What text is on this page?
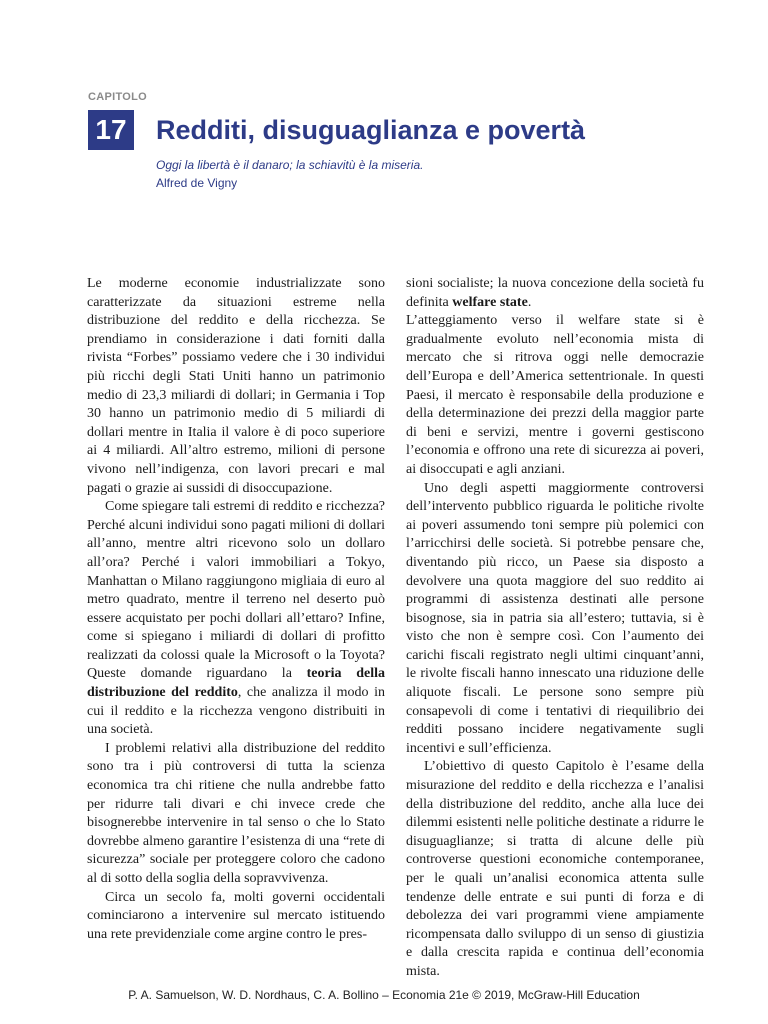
CAPITOLO
17 Redditi, disuguaglianza e povertà
Oggi la libertà è il danaro; la schiavitù è la miseria.
Alfred de Vigny

Le moderne economie industrializzate sono caratterizzate da situazioni estreme nella distribuzione del reddito e della ricchezza. Se prendiamo in considerazione i dati forniti dalla rivista “Forbes” possiamo vedere che i 30 individui più ricchi degli Stati Uniti hanno un patrimonio medio di 23,3 miliardi di dollari; in Germania i Top 30 hanno un patrimonio medio di 5 miliardi di dollari mentre in Italia il valore è di poco superiore ai 4 miliardi. All’altro estremo, milioni di persone vivono nell’indigenza, con lavori precari e mal pagati o grazie ai sussidi di disoccupazione.

Come spiegare tali estremi di reddito e ricchezza? Perché alcuni individui sono pagati milioni di dollari all’anno, mentre altri ricevono solo un dollaro all’ora? Perché i valori immobiliari a Tokyo, Manhattan o Milano raggiungono migliaia di euro al metro quadrato, mentre il terreno nel deserto può essere acquistato per pochi dollari all’ettaro? Infine, come si spiegano i miliardi di dollari di profitto realizzati da colossi quale la Microsoft o la Toyota? Queste domande riguardano la teoria della distribuzione del reddito, che analizza il modo in cui il reddito e la ricchezza vengono distribuiti in una società.

I problemi relativi alla distribuzione del reddito sono tra i più controversi di tutta la scienza economica tra chi ritiene che nulla andrebbe fatto per ridurre tali divari e chi invece crede che bisognerebbe intervenire in tal senso o che lo Stato dovrebbe almeno garantire l’esistenza di una “rete di sicurezza” sociale per proteggere coloro che cadono al di sotto della soglia della sopravvivenza.

Circa un secolo fa, molti governi occidentali cominciarono a intervenire sul mercato istituendo una rete previdenziale come argine contro le pres-

sioni socialiste; la nuova concezione della società fu definita welfare state.

L’atteggiamento verso il welfare state si è gradualmente evoluto nell’economia mista di mercato che si ritrova oggi nelle democrazie dell’Europa e dell’America settentrionale. In questi Paesi, il mercato è responsabile della produzione e della determinazione dei prezzi della maggior parte di beni e servizi, mentre i governi gestiscono l’economia e offrono una rete di sicurezza ai poveri, ai disoccupati e agli anziani.

Uno degli aspetti maggiormente controversi dell’intervento pubblico riguarda le politiche rivolte ai poveri assumendo toni sempre più polemici con l’arricchirsi delle società. Si potrebbe pensare che, diventando più ricco, un Paese sia disposto a devolvere una quota maggiore del suo reddito ai programmi di assistenza destinati alle persone bisognose, sia in patria sia all’estero; tuttavia, si è visto che non è sempre così. Con l’aumento dei carichi fiscali registrato negli ultimi cinquant’anni, le rivolte fiscali hanno innescato una riduzione delle aliquote fiscali. Le persone sono sempre più consapevoli di come i tentativi di riequilibrio dei redditi possano incidere negativamente sugli incentivi e sull’efficienza.

L’obiettivo di questo Capitolo è l’esame della misurazione del reddito e della ricchezza e l’analisi della distribuzione del reddito, anche alla luce dei dilemmi esistenti nelle politiche destinate a ridurre le disuguaglianze; si tratta di alcune delle più controverse questioni economiche contemporanee, per le quali un’analisi economica attenta sulle tendenze delle entrate e sui punti di forza e di debolezza dei vari programmi viene ampiamente ricompensata dallo sviluppo di un senso di giustizia e dalla crescita rapida e continua dell’economia mista.

P. A. Samuelson, W. D. Nordhaus, C. A. Bollino – Economia 21e © 2019, McGraw-Hill Education
